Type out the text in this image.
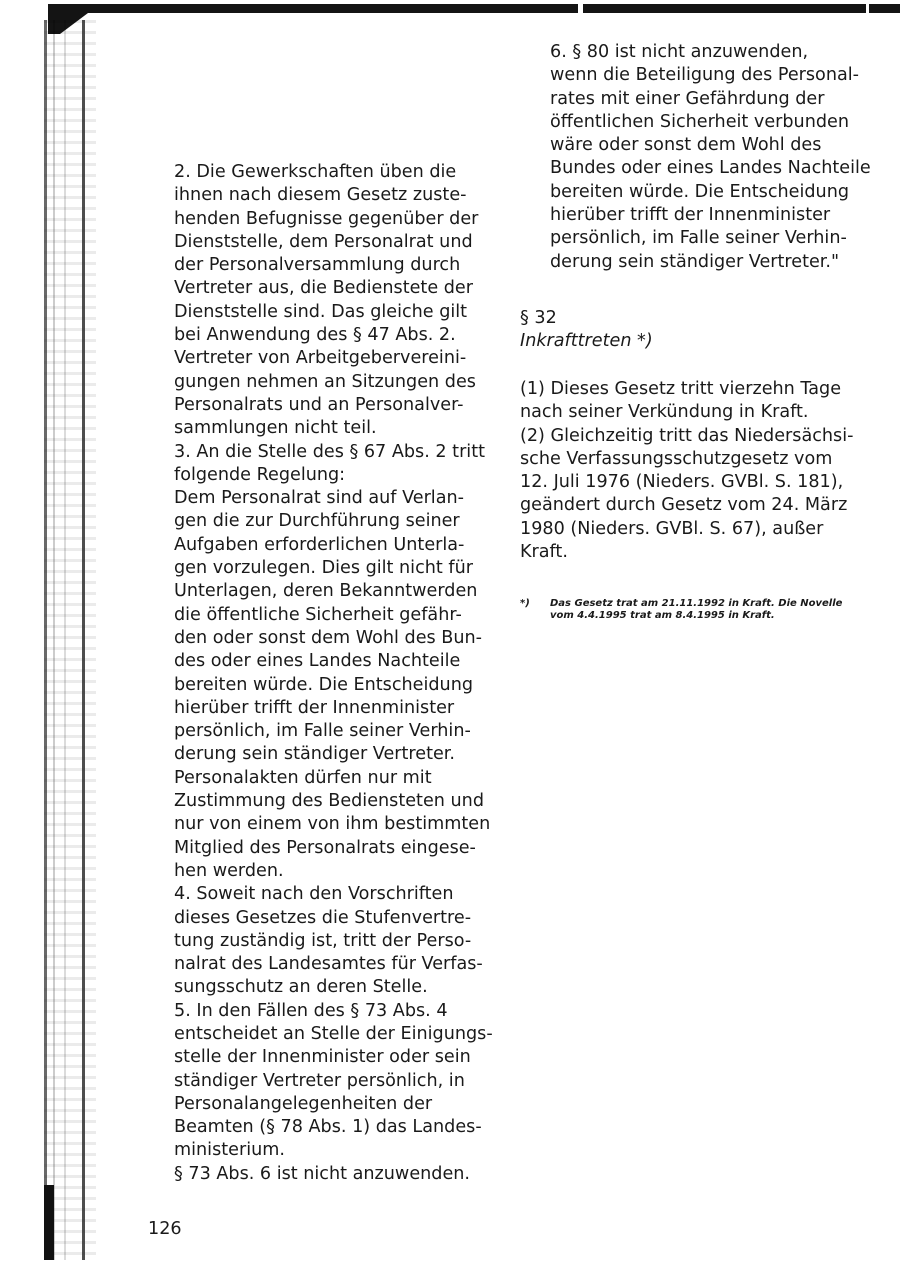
2. Die Gewerkschaften üben die

ihnen nach diesem Gesetz zuste-

henden Befugnisse gegenüber der

Dienststelle, dem Personalrat und

der Personalversammlung durch

Vertreter aus, die Bedienstete der

Dienststelle sind. Das gleiche gilt

bei Anwendung des § 47 Abs. 2.

Vertreter von Arbeitgebervereini-

gungen nehmen an Sitzungen des

Personalrats und an Personalver-

sammlungen nicht teil.

3. An die Stelle des § 67 Abs. 2 tritt

folgende Regelung:

Dem Personalrat sind auf Verlan-

gen die zur Durchführung seiner

Aufgaben erforderlichen Unterla-

gen vorzulegen. Dies gilt nicht für

Unterlagen, deren Bekanntwerden

die öffentliche Sicherheit gefähr-

den oder sonst dem Wohl des Bun-

des oder eines Landes Nachteile

bereiten würde. Die Entscheidung

hierüber trifft der Innenminister

persönlich, im Falle seiner Verhin-

derung sein ständiger Vertreter.

Personalakten dürfen nur mit

Zustimmung des Bediensteten und

nur von einem von ihm bestimmten

Mitglied des Personalrats eingese-

hen werden.

4. Soweit nach den Vorschriften

dieses Gesetzes die Stufenvertre-

tung zuständig ist, tritt der Perso-

nalrat des Landesamtes für Verfas-

sungsschutz an deren Stelle.

5. In den Fällen des § 73 Abs. 4

entscheidet an Stelle der Einigungs-

stelle der Innenminister oder sein

ständiger Vertreter persönlich, in

Personalangelegenheiten der

Beamten (§ 78 Abs. 1) das Landes-

ministerium.

§ 73 Abs. 6 ist nicht anzuwenden.

6. § 80 ist nicht anzuwenden,

wenn die Beteiligung des Personal-

rates mit einer Gefährdung der

öffentlichen Sicherheit verbunden

wäre oder sonst dem Wohl des

Bundes oder eines Landes Nachteile

bereiten würde. Die Entscheidung

hierüber trifft der Innenminister

persönlich, im Falle seiner Verhin-

derung sein ständiger Vertreter."

§ 32
Inkrafttreten *)

(1) Dieses Gesetz tritt vierzehn Tage

nach seiner Verkündung in Kraft.

(2) Gleichzeitig tritt das Niedersächsi-

sche Verfassungsschutzgesetz vom

12. Juli 1976 (Nieders. GVBl. S. 181),

geändert durch Gesetz vom 24. März

1980 (Nieders. GVBl. S. 67), außer

Kraft.

*) Das Gesetz trat am 21.11.1992 in Kraft. Die Novelle
vom 4.4.1995 trat am 8.4.1995 in Kraft.
126
